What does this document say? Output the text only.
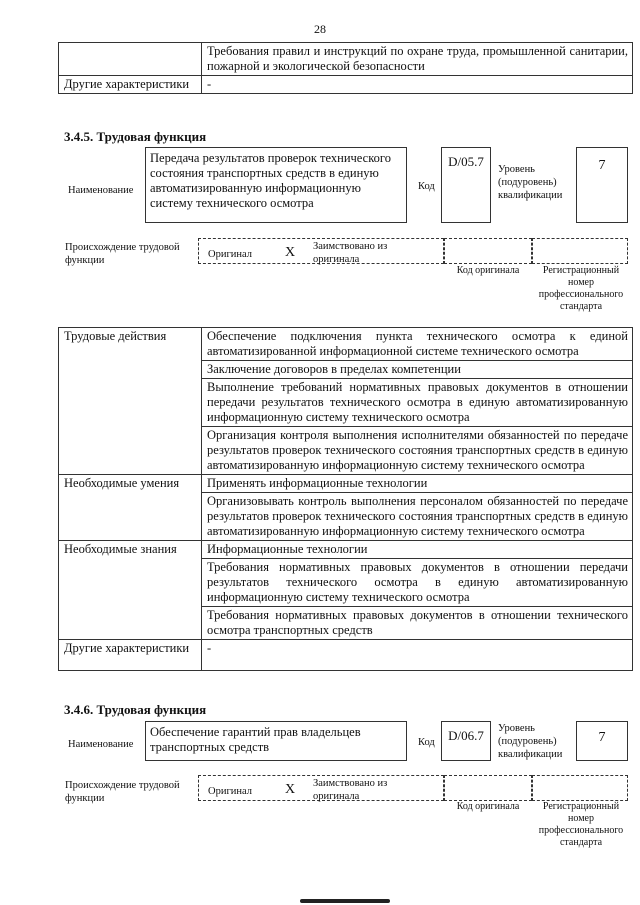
28
	Требования правил и инструкций по охране труда, промышленной санитарии, пожарной и экологической безопасности
Другие характеристики	-
3.4.5. Трудовая функция
Наименование
Передача результатов проверок технического состояния транспортных средств в единую автоматизированную информационную систему технического осмотра
Код
D/05.7
Уровень (подуровень) квалификации
7
Происхождение трудовой функции
Оригинал X Заимствовано из оригинала
Код оригинала	Регистрационный номер профессионального стандарта
Трудовые действия	Обеспечение подключения пункта технического осмотра к единой автоматизированной информационной системе технического осмотра
	Заключение договоров в пределах компетенции
	Выполнение требований нормативных правовых документов в отношении передачи результатов технического осмотра в единую автоматизированную информационную систему технического осмотра
	Организация контроля выполнения исполнителями обязанностей по передаче результатов проверок технического состояния транспортных средств в единую автоматизированную информационную систему технического осмотра
Необходимые умения	Применять информационные технологии
	Организовывать контроль выполнения персоналом обязанностей по передаче результатов проверок технического состояния транспортных средств в единую автоматизированную информационную систему технического осмотра
Необходимые знания	Информационные технологии
	Требования нормативных правовых документов в отношении передачи результатов технического осмотра в единую автоматизированную информационную систему технического осмотра
	Требования нормативных правовых документов в отношении технического осмотра транспортных средств
Другие характеристики	-
3.4.6. Трудовая функция
Наименование
Обеспечение гарантий прав владельцев транспортных средств	Код	D/06.7	Уровень (подуровень) квалификации
7
Происхождение трудовой функции
Оригинал X Заимствовано из оригинала
Код оригинала	Регистрационный номер профессионального стандарта
